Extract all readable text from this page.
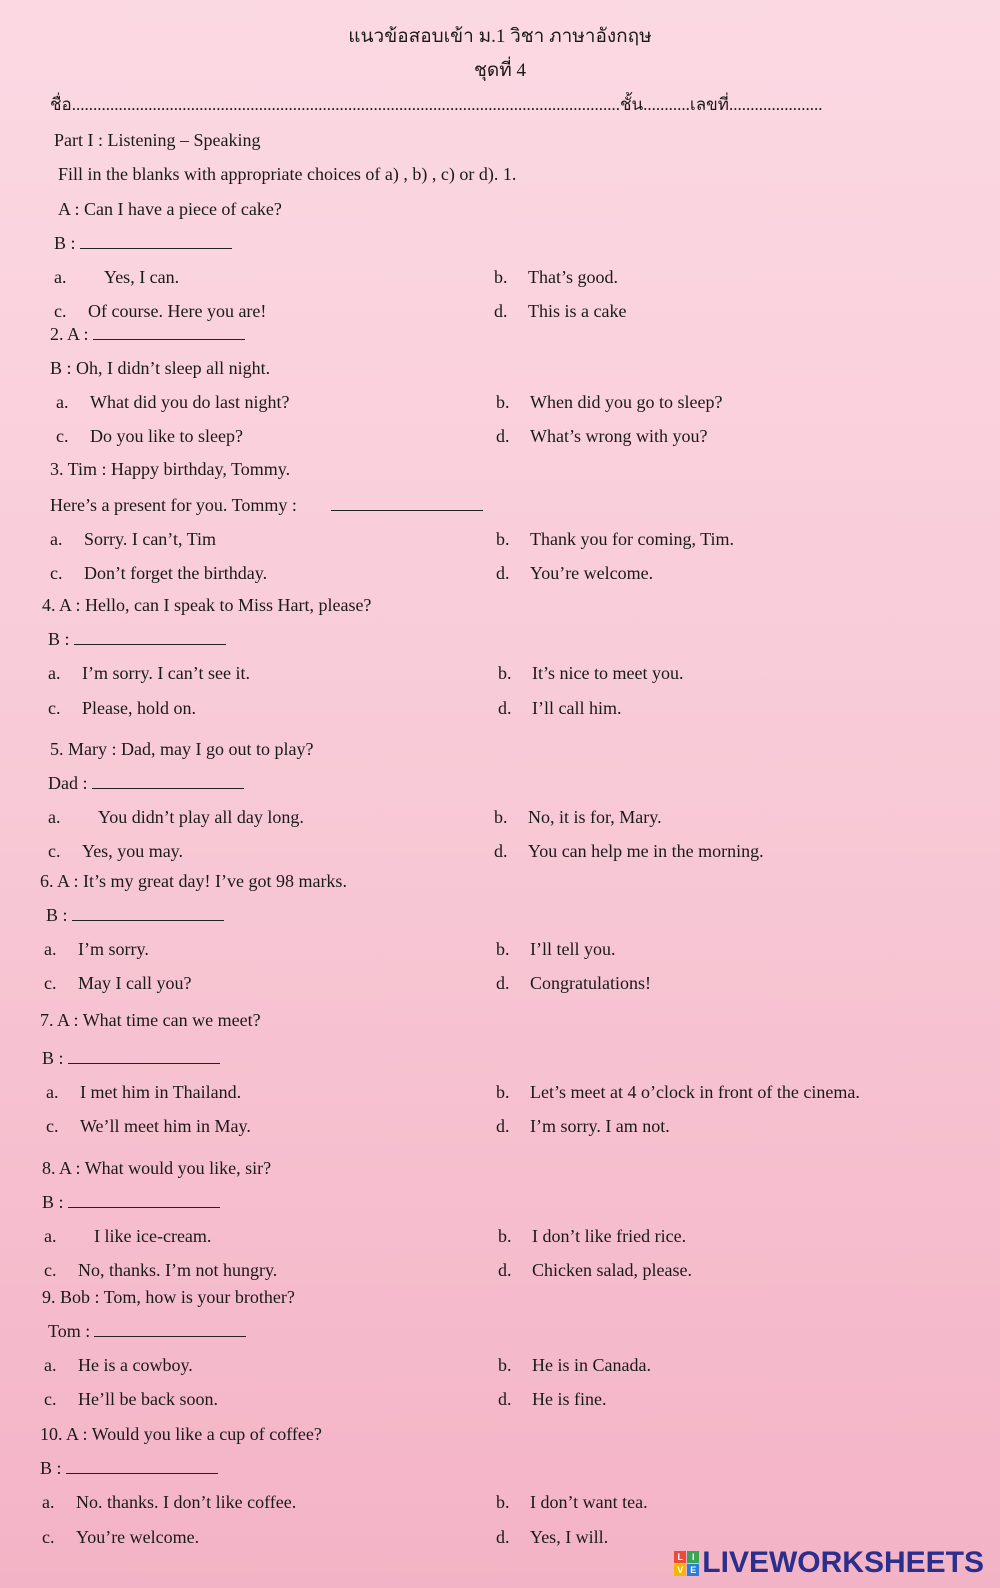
แนวข้อสอบเข้า ม.1 วิชา ภาษาอังกฤษ
ชุดที่ 4
ชื่อ.................................................................................................................................ชั้น...........เลขที่......................
Part I : Listening – Speaking
Fill in the blanks with appropriate choices of a) , b) , c) or d). 1.
A : Can I have a piece of cake?
B :
a. Yes, I can.	b. That’s good.
c. Of course. Here you are!	d. This is a cake
2. A :
B : Oh, I didn’t sleep all night.
a. What did you do last night?	b. When did you go to sleep?
c. Do you like to sleep?	d. What’s wrong with you?
3. Tim : Happy birthday, Tommy.
Here’s a present for you. Tommy :
a. Sorry. I can’t, Tim	b. Thank you for coming, Tim.
c. Don’t forget the birthday.	d. You’re welcome.
4. A : Hello, can I speak to Miss Hart, please?
B :
a. I’m sorry. I can’t see it.	b. It’s nice to meet you.
c. Please, hold on.	d. I’ll call him.
5. Mary : Dad, may I go out to play?
Dad :
a. You didn’t play all day long.	b. No, it is for, Mary.
c. Yes, you may.	d. You can help me in the morning.
6. A : It’s my great day! I’ve got 98 marks.
B :
a. I’m sorry.	b. I’ll tell you.
c. May I call you?	d. Congratulations!
7. A : What time can we meet?
B :
a. I met him in Thailand.	b. Let’s meet at 4 o’clock in front of the cinema.
c. We’ll meet him in May.	d. I’m sorry. I am not.
8. A : What would you like, sir?
B :
a. I like ice-cream.	b. I don’t like fried rice.
c. No, thanks. I’m not hungry.	d. Chicken salad, please.
9. Bob : Tom, how is your brother?
Tom :
a. He is a cowboy.	b. He is in Canada.
c. He’ll be back soon.	d. He is fine.
10. A : Would you like a cup of coffee?
B :
a. No. thanks. I don’t like coffee.	b. I don’t want tea.
c. You’re welcome.	d. Yes, I will.
L I
V E LIVEWORKSHEETS
